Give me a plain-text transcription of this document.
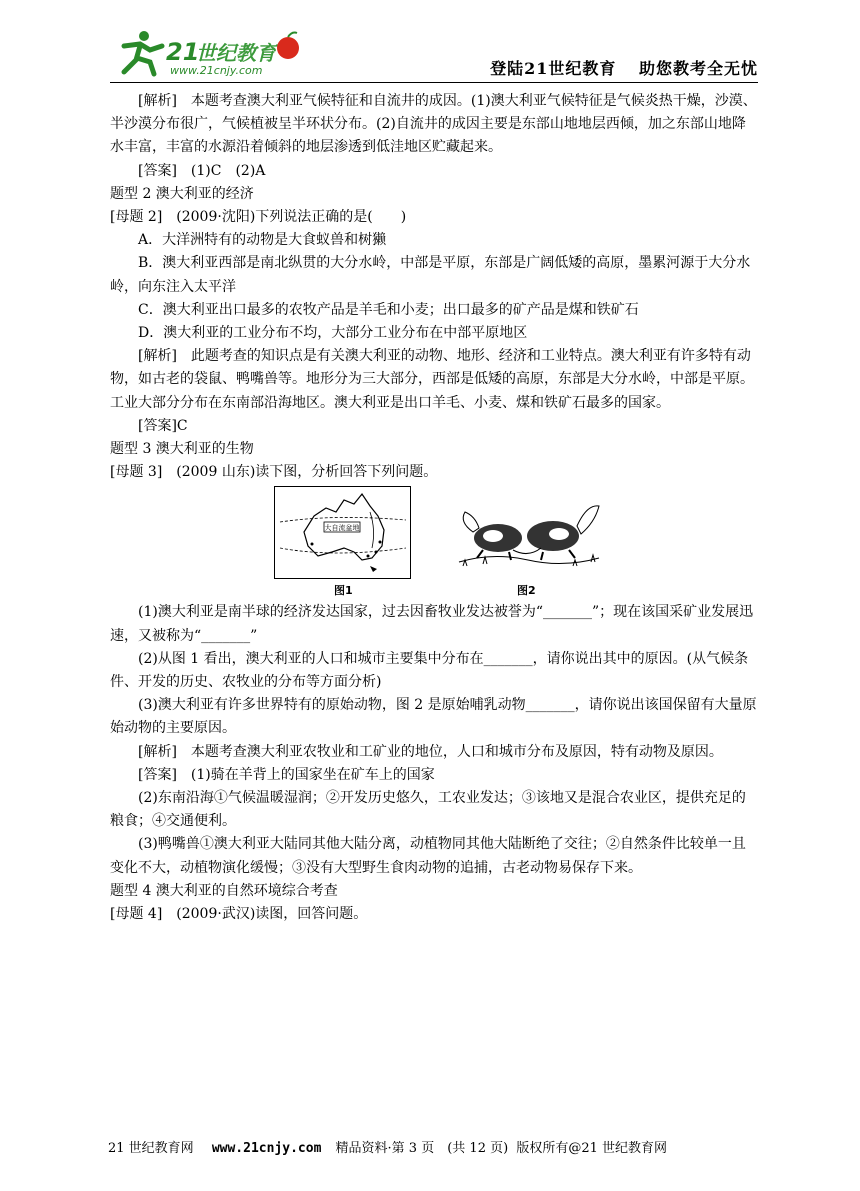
21
世纪教育
www.21cnjy.com	登陆21世纪教育 助您教考全无忧

[解析]　本题考查澳大利亚气候特征和自流井的成因。(1)澳大利亚气候特征是气候炎热干燥，沙漠、半沙漠分布很广，气候植被呈半环状分布。(2)自流井的成因主要是东部山地地层西倾，加之东部山地降水丰富，丰富的水源沿着倾斜的地层渗透到低洼地区贮藏起来。

[答案]　(1)C　(2)A

题型 2 澳大利亚的经济

[母题 2]　(2009·沈阳)下列说法正确的是(　　)

A．大洋洲特有的动物是大食蚁兽和树獭

B．澳大利亚西部是南北纵贯的大分水岭，中部是平原，东部是广阔低矮的高原，墨累河源于大分水岭，向东注入太平洋

C．澳大利亚出口最多的农牧产品是羊毛和小麦；出口最多的矿产品是煤和铁矿石

D．澳大利亚的工业分布不均，大部分工业分布在中部平原地区

[解析]　此题考查的知识点是有关澳大利亚的动物、地形、经济和工业特点。澳大利亚有许多特有动物，如古老的袋鼠、鸭嘴兽等。地形分为三大部分，西部是低矮的高原，东部是大分水岭，中部是平原。工业大部分分布在东南部沿海地区。澳大利亚是出口羊毛、小麦、煤和铁矿石最多的国家。

[答案]C

题型 3 澳大利亚的生物

[母题 3]　(2009 山东)读下图，分析回答下列问题。

大自流盆地
图1	图2

(1)澳大利亚是南半球的经济发达国家，过去因畜牧业发达被誉为“_______”；现在该国采矿业发展迅速，又被称为“_______”

(2)从图 1 看出，澳大利亚的人口和城市主要集中分布在_______，请你说出其中的原因。(从气候条件、开发的历史、农牧业的分布等方面分析)

(3)澳大利亚有许多世界特有的原始动物，图 2 是原始哺乳动物_______，请你说出该国保留有大量原始动物的主要原因。

[解析]　本题考查澳大利亚农牧业和工矿业的地位，人口和城市分布及原因，特有动物及原因。

[答案]　(1)骑在羊背上的国家坐在矿车上的国家

(2)东南沿海①气候温暖湿润；②开发历史悠久，工农业发达；③该地又是混合农业区，提供充足的粮食；④交通便利。

(3)鸭嘴兽①澳大利亚大陆同其他大陆分离，动植物同其他大陆断绝了交往；②自然条件比较单一且变化不大，动植物演化缓慢；③没有大型野生食肉动物的追捕，古老动物易保存下来。

题型 4 澳大利亚的自然环境综合考查

[母题 4]　(2009·武汉)读图，回答问题。

21 世纪教育网 www.21cnjy.com 精品资料·第 3 页　(共 12 页) 版权所有@21 世纪教育网
